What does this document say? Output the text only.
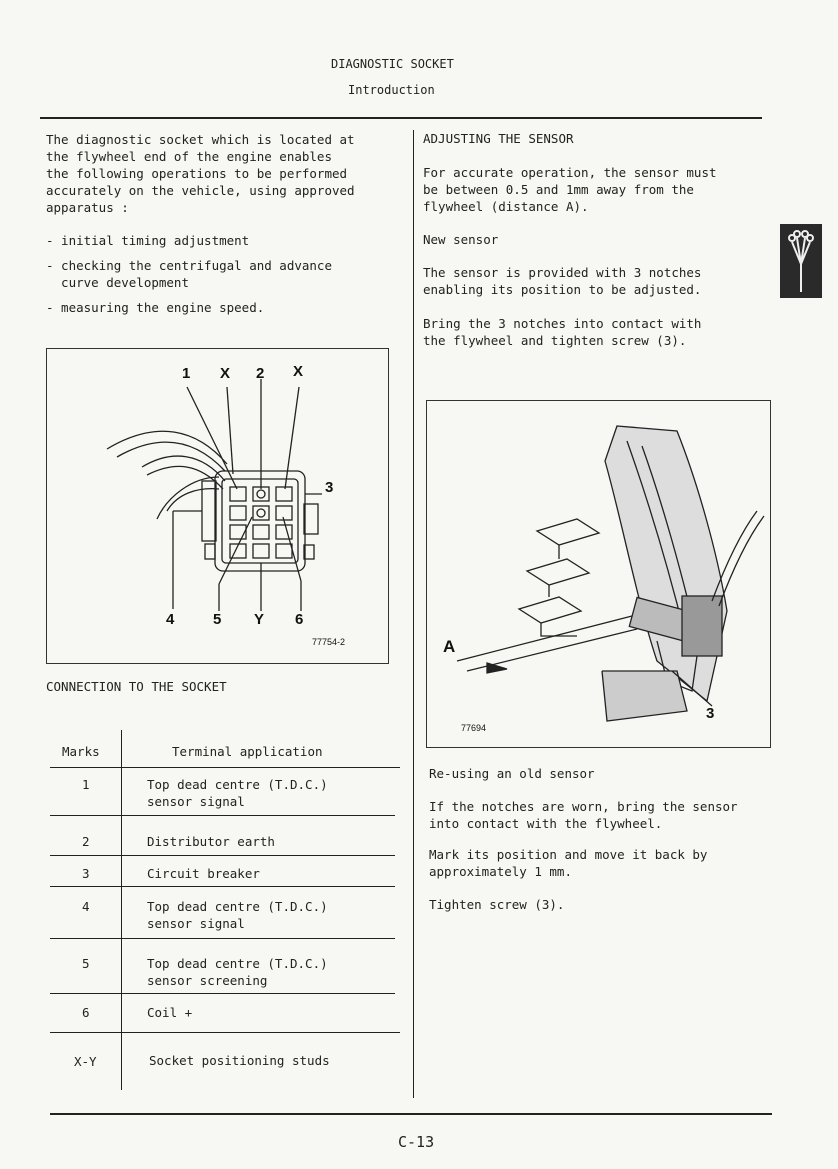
DIAGNOSTIC SOCKET
Introduction
The diagnostic socket which is located at
the flywheel end of the engine enables
the following operations to be performed
accurately on the vehicle, using approved
apparatus :
- initial timing adjustment
- checking the centrifugal and advance
curve development
- measuring the engine speed.
1 X 2 X
3
4	5 Y 6
77754-2
CONNECTION TO THE SOCKET
Marks	Terminal application
1	Top dead centre (T.D.C.)
sensor signal
2	Distributor earth
3	Circuit breaker
4	Top dead centre (T.D.C.)
sensor signal
5	Top dead centre (T.D.C.)
sensor screening
6	Coil +
X-Y	Socket positioning studs
ADJUSTING THE SENSOR
For accurate operation, the sensor must
be between 0.5 and 1mm away from the
flywheel (distance A).
New sensor
The sensor is provided with 3 notches
enabling its position to be adjusted.
Bring the 3 notches into contact with
the flywheel and tighten screw (3).
A
3
77694
Re-using an old sensor
If the notches are worn, bring the sensor
into contact with the flywheel.
Mark its position and move it back by
approximately 1 mm.
Tighten screw (3).
C-13
